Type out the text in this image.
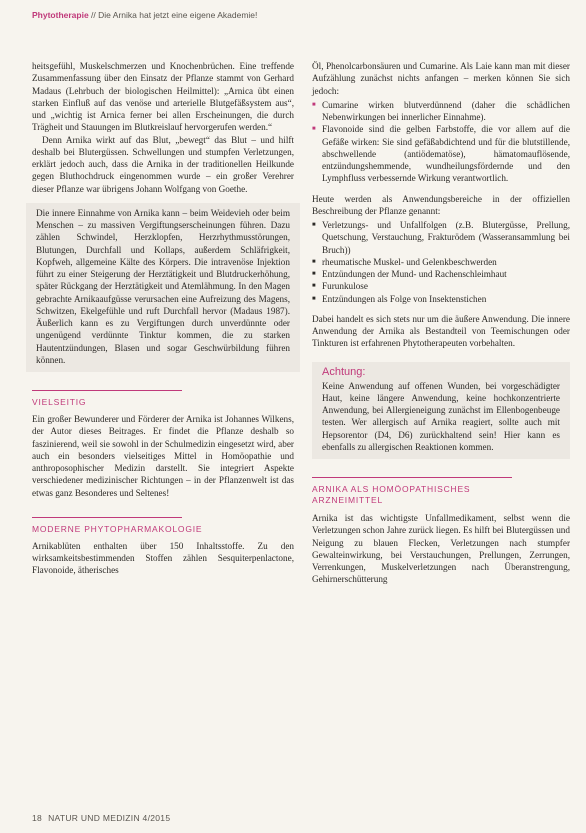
Phytotherapie // Die Arnika hat jetzt eine eigene Akademie!

heitsgefühl, Muskelschmerzen und Knochenbrüchen. Eine treffende Zusammenfassung über den Einsatz der Pflanze stammt von Gerhard Madaus (Lehrbuch der biologischen Heilmittel): „Arnica übt einen starken Einfluß auf das venöse und arterielle Blutgefäßsystem aus“, und „wichtig ist Arnica ferner bei allen Erscheinungen, die durch Trägheit und Stauungen im Blutkreislauf hervorgerufen werden.“

Denn Arnika wirkt auf das Blut, „bewegt“ das Blut – und hilft deshalb bei Blutergüssen. Schwellungen und stumpfen Verletzungen, erklärt jedoch auch, dass die Arnika in der traditionellen Heilkunde gegen Bluthochdruck eingenommen wurde – ein großer Verehrer dieser Pflanze war übrigens Johann Wolfgang von Goethe.

Die innere Einnahme von Arnika kann – beim Weidevieh oder beim Menschen – zu massiven Vergiftungserscheinungen führen. Dazu zählen Schwindel, Herzklopfen, Herzrhythmusstörungen, Blutungen, Durchfall und Kollaps, außerdem Schläfrigkeit, Kopfweh, allgemeine Kälte des Körpers. Die intravenöse Injektion führt zu einer Steigerung der Herztätigkeit und Blutdruckerhöhung, später Rückgang der Herztätigkeit und Atemlähmung. In den Magen gebrachte Arnikaaufgüsse verursachen eine Aufreizung des Magens, Schwitzen, Ekelgefühle und ruft Durchfall hervor (Madaus 1987). Äußerlich kann es zu Vergiftungen durch unverdünnte oder ungenügend verdünnte Tinktur kommen, die zu starken Hautentzündungen, Blasen und sogar Geschwürbildung führen können.

VIELSEITIG

Ein großer Bewunderer und Förderer der Arnika ist Johannes Wilkens, der Autor dieses Beitrages. Er findet die Pflanze deshalb so faszinierend, weil sie sowohl in der Schulmedizin eingesetzt wird, aber auch ein besonders vielseitiges Mittel in Homöopathie und anthroposophischer Medizin darstellt. Sie integriert Aspekte verschiedener medizinischer Richtungen – in der Pflanzenwelt ist das etwas ganz Besonderes und Seltenes!

MODERNE PHYTOPHARMAKOLOGIE

Arnikablüten enthalten über 150 Inhaltsstoffe. Zu den wirksamkeitsbestimmenden Stoffen zählen Sesquiterpenlactone, Flavonoide, ätherisches

Öl, Phenolcarbonsäuren und Cumarine. Als Laie kann man mit dieser Aufzählung zunächst nichts anfangen – merken können Sie sich jedoch:

■ Cumarine wirken blutverdünnend (daher die schädlichen Nebenwirkungen bei innerlicher Einnahme).
■ Flavonoide sind die gelben Farbstoffe, die vor allem auf die Gefäße wirken: Sie sind gefäßabdichtend und für die blutstillende, abschwellende (antiödematöse), hämatomauflösende, entzündungshemmende, wundheilungsfördernde und den Lymphfluss verbessernde Wirkung verantwortlich.

Heute werden als Anwendungsbereiche in der offiziellen Beschreibung der Pflanze genannt:

■ Verletzungs- und Unfallfolgen (z.B. Blutergüsse, Prellung, Quetschung, Verstauchung, Frakturödem (Wasseransammlung bei Bruch))
■ rheumatische Muskel- und Gelenkbeschwerden
■ Entzündungen der Mund- und Rachenschleimhaut
■ Furunkulose
■ Entzündungen als Folge von Insektenstichen

Dabei handelt es sich stets nur um die äußere Anwendung. Die innere Anwendung der Arnika als Bestandteil von Teemischungen oder Tinkturen ist erfahrenen Phytotherapeuten vorbehalten.

Achtung:

Keine Anwendung auf offenen Wunden, bei vorgeschädigter Haut, keine längere Anwendung, keine hochkonzentrierte Anwendung, bei Allergieneigung zunächst im Ellenbogenbeuge testen. Wer allergisch auf Arnika reagiert, sollte auch mit Hepsorentor (D4, D6) zurückhaltend sein! Hier kann es ebenfalls zu allergischen Reaktionen kommen.

ARNIKA ALS HOMÖOPATHISCHES ARZNEIMITTEL

Arnika ist das wichtigste Unfallmedikament, selbst wenn die Verletzungen schon Jahre zurück liegen. Es hilft bei Blutergüssen und Neigung zu blauen Flecken, Verletzungen nach stumpfer Gewalteinwirkung, bei Verstauchungen, Prellungen, Zerrungen, Verrenkungen, Muskelverletzungen nach Überanstrengung, Gehirnerschütterung

18 NATUR UND MEDIZIN 4/2015
